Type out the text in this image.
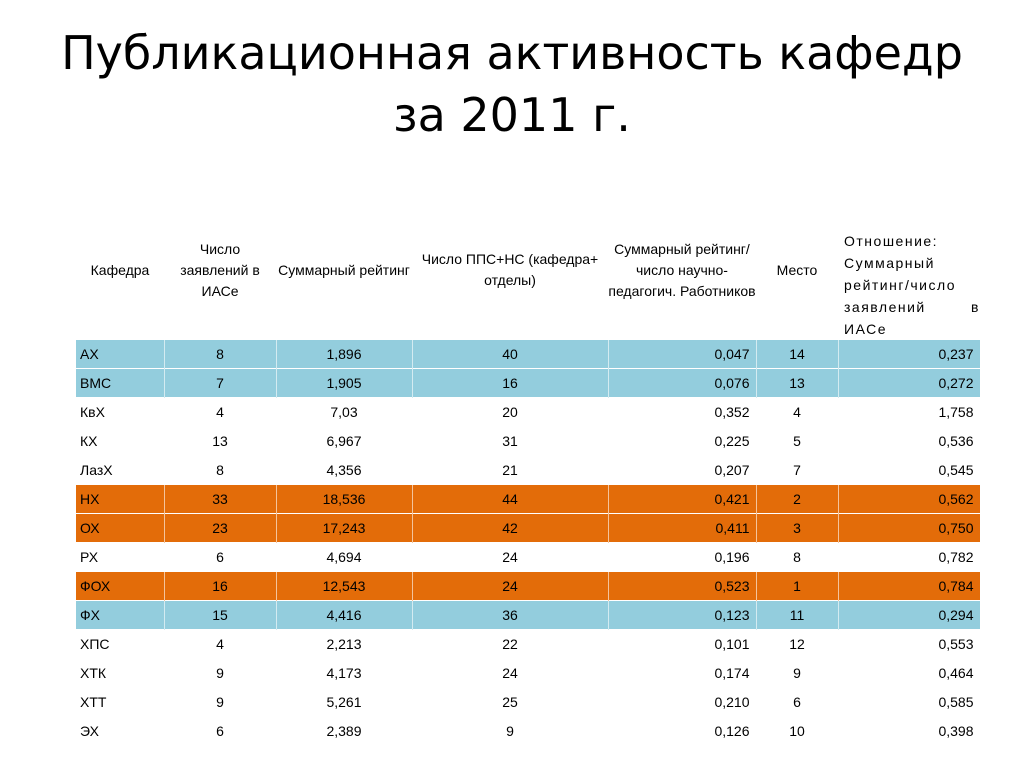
Публикационная активность кафедр
за 2011 г.
Кафедра	Число заявлений в ИАСе	Суммарный рейтинг	Число ППС+НС (кафедра+ отделы)	Суммарный рейтинг/число научно-педагогич. Работников	Место	Отношение: Суммарный рейтинг/число заявлений в ИАСе
АХ	8	1,896	40	0,047	14	0,237
ВМС	7	1,905	16	0,076	13	0,272
КвХ	4	7,03	20	0,352	4	1,758
КХ	13	6,967	31	0,225	5	0,536
ЛазХ	8	4,356	21	0,207	7	0,545
НХ	33	18,536	44	0,421	2	0,562
ОХ	23	17,243	42	0,411	3	0,750
РХ	6	4,694	24	0,196	8	0,782
ФОХ	16	12,543	24	0,523	1	0,784
ФХ	15	4,416	36	0,123	11	0,294
ХПС	4	2,213	22	0,101	12	0,553
ХТК	9	4,173	24	0,174	9	0,464
ХТТ	9	5,261	25	0,210	6	0,585
ЭХ	6	2,389	9	0,126	10	0,398
